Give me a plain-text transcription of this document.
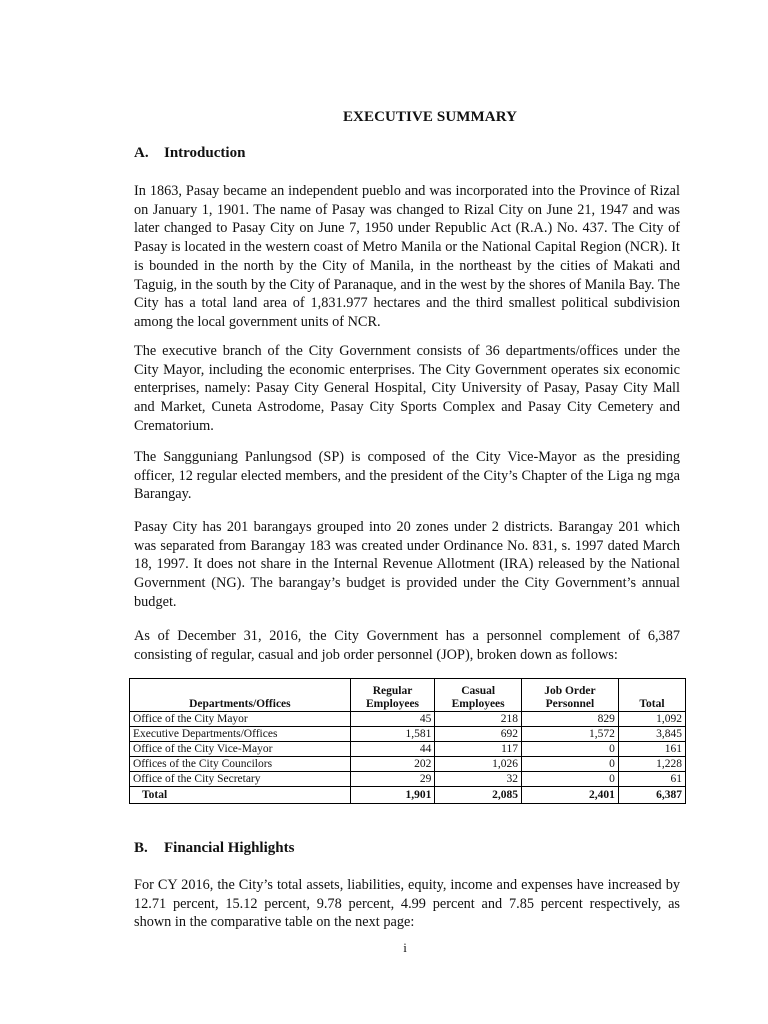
EXECUTIVE SUMMARY
A. Introduction

In 1863, Pasay became an independent pueblo and was incorporated into the Province of Rizal on January 1, 1901. The name of Pasay was changed to Rizal City on June 21, 1947 and was later changed to Pasay City on June 7, 1950 under Republic Act (R.A.) No. 437. The City of Pasay is located in the western coast of Metro Manila or the National Capital Region (NCR). It is bounded in the north by the City of Manila, in the northeast by the cities of Makati and Taguig, in the south by the City of Paranaque, and in the west by the shores of Manila Bay. The City has a total land area of 1,831.977 hectares and the third smallest political subdivision among the local government units of NCR.

The executive branch of the City Government consists of 36 departments/offices under the City Mayor, including the economic enterprises. The City Government operates six economic enterprises, namely: Pasay City General Hospital, City University of Pasay, Pasay City Mall and Market, Cuneta Astrodome, Pasay City Sports Complex and Pasay City Cemetery and Crematorium.

The Sangguniang Panlungsod (SP) is composed of the City Vice-Mayor as the presiding officer, 12 regular elected members, and the president of the City’s Chapter of the Liga ng mga Barangay.

Pasay City has 201 barangays grouped into 20 zones under 2 districts. Barangay 201 which was separated from Barangay 183 was created under Ordinance No. 831, s. 1997 dated March 18, 1997. It does not share in the Internal Revenue Allotment (IRA) released by the National Government (NG). The barangay’s budget is provided under the City Government’s annual budget.

As of December 31, 2016, the City Government has a personnel complement of 6,387 consisting of regular, casual and job order personnel (JOP), broken down as follows:

Departments/Offices	Regular Employees	Casual Employees	Job Order Personnel	Total
Office of the City Mayor	45	218	829	1,092
Executive Departments/Offices	1,581	692	1,572	3,845
Office of the City Vice-Mayor	44	117	0	161
Offices of the City Councilors	202	1,026	0	1,228
Office of the City Secretary	29	32	0	61
Total	1,901	2,085	2,401	6,387
B. Financial Highlights

For CY 2016, the City’s total assets, liabilities, equity, income and expenses have increased by 12.71 percent, 15.12 percent, 9.78 percent, 4.99 percent and 7.85 percent respectively, as shown in the comparative table on the next page:

i
